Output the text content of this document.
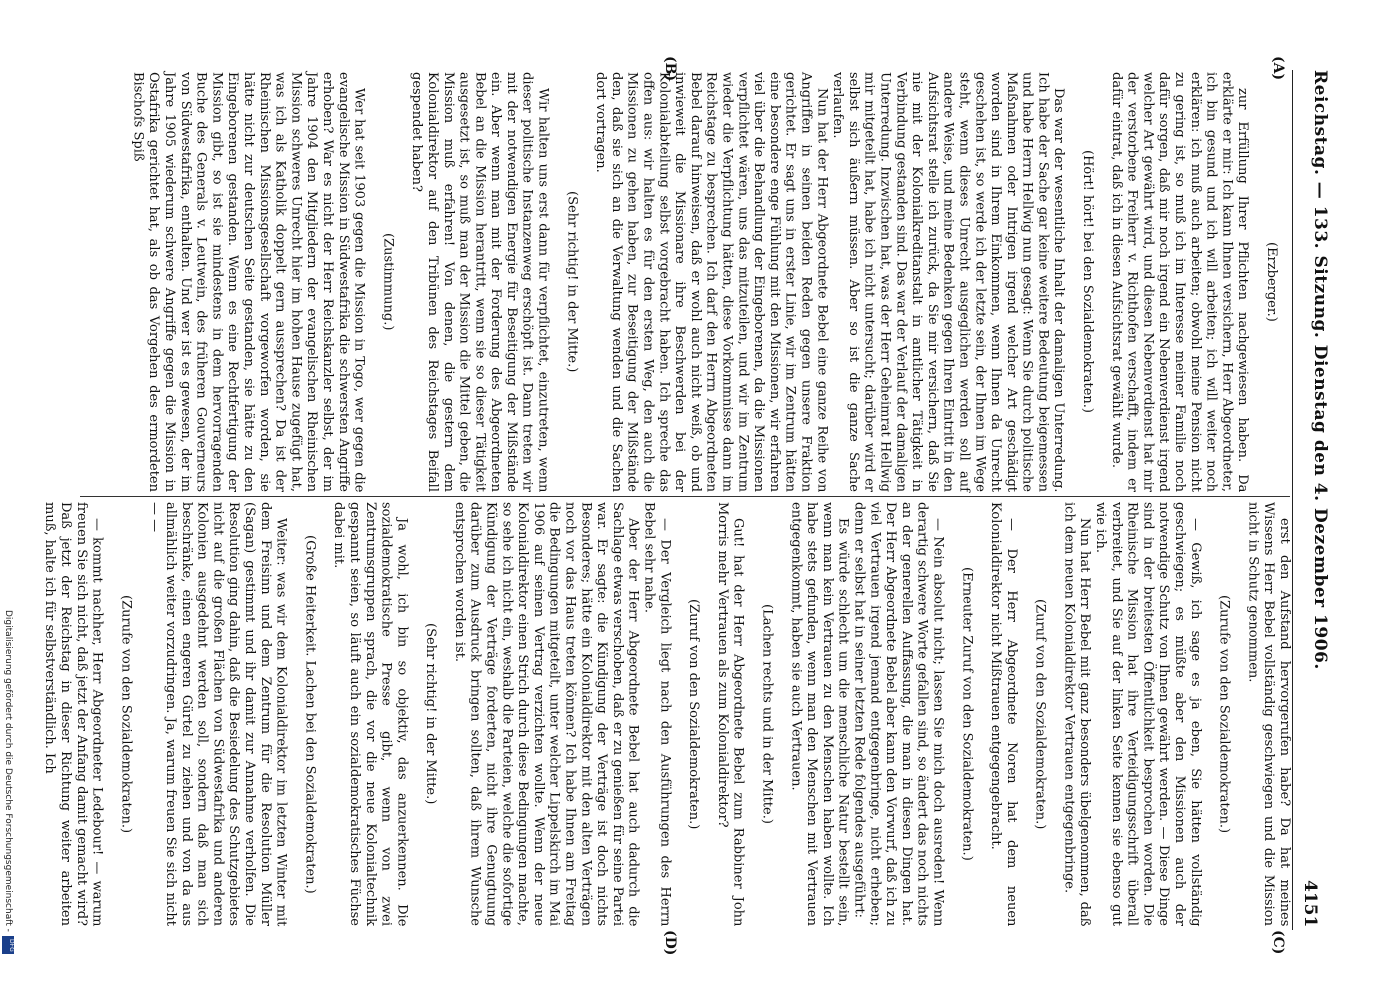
Reichstag. — 133. Sitzung. Dienstag den 4. Dezember 1906.
4151
(A)
(B)
(C)
(D)

(Erzberger.)

zur Erfüllung Ihrer Pflichten nachgewiesen haben. Da erklärte er mir: Ich kann Ihnen versichern, Herr Abgeordneter, ich bin gesund und ich will arbeiten; ich will weiter noch erklären: ich muß auch arbeiten; obwohl meine Pension nicht zu gering ist, so muß ich im Interesse meiner Familie noch dafür sorgen, daß mir noch irgend ein Nebenverdienst irgend welcher Art gewährt wird, und diesen Nebenverdienst hat mir der verstorbene Freiherr v. Richthofen verschafft, indem er dafür eintrat, daß ich in diesen Aufsichtsrat gewählt wurde.

(Hört! hört! bei den Sozialdemokraten.)

Das war der wesentliche Inhalt der damaligen Unterredung. Ich habe der Sache gar keine weitere Bedeutung beigemessen und habe Herrn Hellwig nun gesagt: Wenn Sie durch politische Maßnahmen oder Intrigen irgend welcher Art geschädigt worden sind in Ihrem Einkommen, wenn Ihnen da Unrecht geschehen ist, so werde ich der letzte sein, der Ihnen im Wege steht, wenn dieses Unrecht ausgeglichen werden soll auf andere Weise, und meine Bedenken gegen Ihren Eintritt in den Aufsichtsrat stelle ich zurück, da Sie mir versichern, daß Sie nie mit der Kolonialkreditanstalt in amtlicher Tätigkeit in Verbindung gestanden sind. Das war der Verlauf der damaligen Unterredung. Inzwischen hat, was der Herr Geheimrat Hellwig mir mitgeteilt hat, habe ich nicht untersucht; darüber wird er selbst sich äußern müssen. Aber so ist die ganze Sache verlaufen.

Nun hat der Herr Abgeordnete Bebel eine ganze Reihe von Angriffen in seinen beiden Reden gegen unsere Fraktion gerichtet. Er sagt uns in erster Linie, wir im Zentrum hätten eine besondere enge Fühlung mit den Missionen, wir erfahren viel über die Behandlung der Eingeborenen, da die Missionen verpflichtet wären, uns das mitzuteilen, und wir im Zentrum wieder die Verpflichtung hätten, diese Vorkommnisse dann im Reichstage zu besprechen. Ich darf den Herrn Abgeordneten Bebel darauf hinweisen, daß er wohl auch nicht weiß, ob und inwieweit die Missionare ihre Beschwerden bei der Kolonialabteilung selbst vorgebracht haben. Ich spreche das offen aus: wir halten es für den ersten Weg, den auch die Missionen zu gehen haben, zur Beseitigung der Mißstände den, daß sie sich an die Verwaltung wenden und die Sachen dort vortragen.

(Sehr richtig! in der Mitte.)

Wir halten uns erst dann für verpflichtet, einzutreten, wenn dieser politische Instanzenweg erschöpft ist. Dann treten wir mit der notwendigen Energie für Beseitigung der Mißstände ein. Aber wenn man mit der Forderung des Abgeordneten Bebel an die Mission herantritt, wenn sie so dieser Tätigkeit ausgesetzt ist, so muß man der Mission die Mittel geben, die Mission muß erfahren! Von denen, die gestern dem Kolonialdirektor auf den Tribünen des Reichstages Beifall gespendet haben?

(Zustimmung.)

Wer hat seit 1903 gegen die Mission in Togo, wer gegen die evangelische Mission in Südwestafrika die schwersten Angriffe erhoben? War es nicht der Herr Reichskanzler selbst, der im Jahre 1904 den Mitgliedern der evangelischen Rheinischen Mission schweres Unrecht hier im hohen Hause zugefügt hat, was ich als Katholik doppelt gern aussprechen? Da ist der Rheinischen Missionsgesellschaft vorgeworfen worden, sie hätte nicht zur deutschen Seite gestanden, sie hätte zu den Eingeborenen gestanden. Wenn es eine Rechtfertigung der Mission gibt, so ist sie mindestens in dem hervorragenden Buche des Generals v. Leutwein, des früheren Gouverneurs von Südwestafrika, enthalten. Und wer ist es gewesen, der im Jahre 1905 wiederum schwere Angriffe gegen die Mission in Ostafrika gerichtet hat, als ob das Vorgehen des ermordeten Bischofs Spiß

erst den Aufstand hervorgerufen habe? Da hat meines Wissens Herr Bebel vollständig geschwiegen und die Mission nicht in Schutz genommen.

(Zurufe von den Sozialdemokraten.)

— Gewiß, ich sage es ja eben, Sie hätten vollständig geschwiegen; es müßte aber den Missionen auch der notwendige Schutz von Ihnen gewährt werden. — Diese Dinge sind in der breitesten Öffentlichkeit besprochen worden. Die Rheinische Mission hat ihre Verteidigungsschrift überall verbreitet, und Sie auf der linken Seite kennen sie ebenso gut wie ich.

Nun hat Herr Bebel mit ganz besonders übelgenommen, daß ich dem neuen Kolonialdirektor Vertrauen entgegenbringe.

(Zuruf von den Sozialdemokraten.)

— Der Herr Abgeordnete Noren hat dem neuen Kolonialdirektor nicht Mißtrauen entgegengebracht.

(Erneuter Zuruf von den Sozialdemokraten.)

— Nein absolut nicht; lassen Sie mich doch ausreden! Wenn derartig schwere Worte gefallen sind, so ändert das noch nichts an der generellen Auffassung, die man in diesen Dingen hat. Der Herr Abgeordnete Bebel aber kann den Vorwurf, daß ich zu viel Vertrauen irgend jemand entgegenbringe, nicht erheben; denn er selbst hat in seiner letzten Rede folgendes ausgeführt:

Es würde schlecht um die menschliche Natur bestellt sein, wenn man kein Vertrauen zu den Menschen haben wollte. Ich habe stets gefunden, wenn man den Menschen mit Vertrauen entgegenkommt, haben sie auch Vertrauen.

(Lachen rechts und in der Mitte.)

Gut! hat der Herr Abgeordnete Bebel zum Rabbiner John Morris mehr Vertrauen als zum Kolonialdirektor?

(Zuruf von den Sozialdemokraten.)

— Der Vergleich liegt nach den Ausführungen des Herrn Bebel sehr nahe.

Aber der Herr Abgeordnete Bebel hat auch dadurch die Sachlage etwas verschoben, daß er zu genießen für seine Partei war. Er sagte: die Kündigung der Verträge ist doch nichts Besonderes; hätte ein Kolonialdirektor mit den alten Verträgen noch vor das Haus treten können? Ich habe Ihnen am Freitag die Bedingungen mitgeteilt, unter welcher Lippelskirch im Mai 1906 auf seinen Vertrag verzichten wollte. Wenn der neue Kolonialdirektor einen Strich durch diese Bedingungen machte, so sehe ich nicht ein, weshalb die Parteien, welche die sofortige Kündigung der Verträge forderten, nicht ihre Genugtuung darüber zum Ausdruck bringen sollten, daß ihrem Wunsche entsprochen worden ist.

(Sehr richtig! in der Mitte.)

Ja wohl, ich bin so objektiv, das anzuerkennen. Die sozialdemokratische Presse gibt, wenn von zwei Zentrumsgruppen sprach, die vor die neue Kolonialtechnik gespannt seien, so läuft auch ein sozialdemokratisches Füchse dabei mit.

(Große Heiterkeit. Lachen bei den Sozialdemokraten.)

Weiter: was wir dem Kolonialdirektor im letzten Winter mit dem Freisinn und dem Zentrum für die Resolution Müller (Sagan) gestimmt und ihr damit zur Annahme verholfen. Die Resolution ging dahin, daß die Besiedelung des Schutzgebietes nicht auf die großen Flächen von Südwestafrika und anderen Kolonien ausgedehnt werden soll, sondern daß man sich beschränke, einen engeren Gürtel zu ziehen und von da aus allmählich weiter vorzudringen. Ja, warum freuen Sie sich nicht — —

(Zurufe von den Sozialdemokraten.)

— kommt nachher, Herr Abgeordneter Ledebour! — warum freuen Sie sich nicht, daß jetzt der Anfang damit gemacht wird? Daß jetzt der Reichstag in dieser Richtung weiter arbeiten muß, halte ich für selbstverständlich. Ich

Digitalisierung gefördert durch die Deutsche Forschungsgemeinschaft -
DFG
